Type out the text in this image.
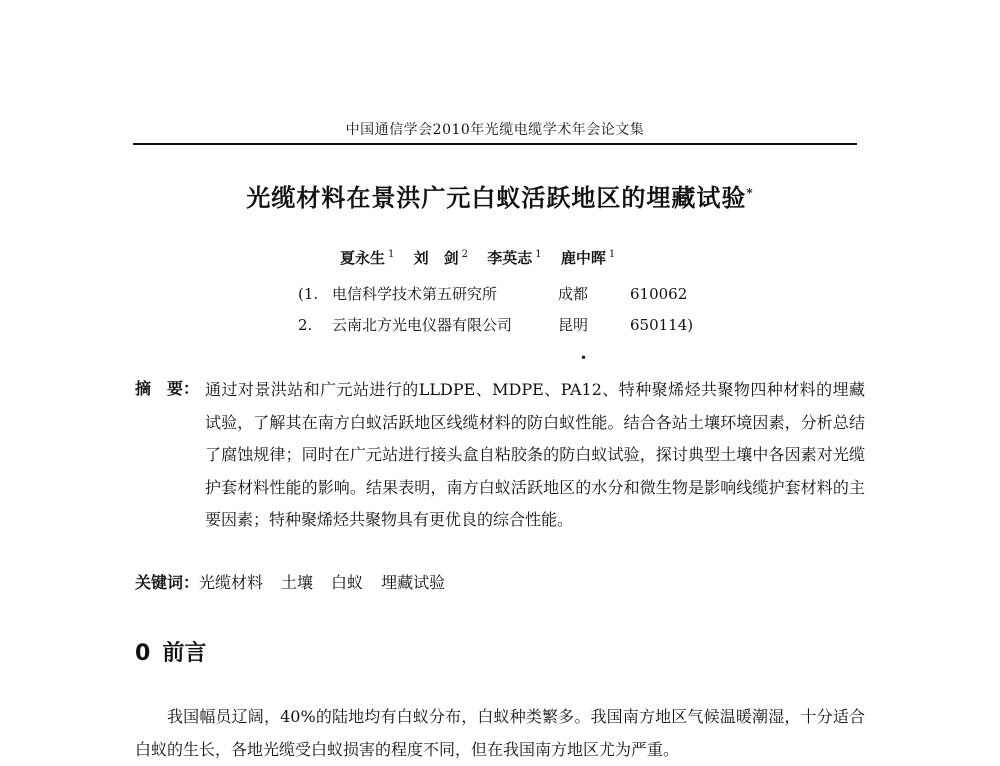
中国通信学会2010年光缆电缆学术年会论文集
光缆材料在景洪广元白蚁活跃地区的埋藏试验*
夏永生 $^1$ 刘　剑 $^2$ 李英志 $^1$ 鹿中晖 $^1$
(1. 电信科学技术第五研究所	成都	610062
2. 云南北方光电仪器有限公司	昆明	650114)
•
摘　要： 通过对景洪站和广元站进行的LLDPE、MDPE、PA12、特种聚烯烃共聚物四种材料的埋藏试验，了解其在南方白蚁活跃地区线缆材料的防白蚁性能。结合各站土壤环境因素，分析总结了腐蚀规律；同时在广元站进行接头盒自粘胶条的防白蚁试验，探讨典型土壤中各因素对光缆护套材料性能的影响。结果表明，南方白蚁活跃地区的水分和微生物是影响线缆护套材料的主要因素；特种聚烯烃共聚物具有更优良的综合性能。
关键词：光缆材料 土壤 白蚁 埋藏试验
0 前言
我国幅员辽阔，40%的陆地均有白蚁分布，白蚁种类繁多。我国南方地区气候温暖潮湿，十分适合白蚁的生长，各地光缆受白蚁损害的程度不同，但在我国南方地区尤为严重。
